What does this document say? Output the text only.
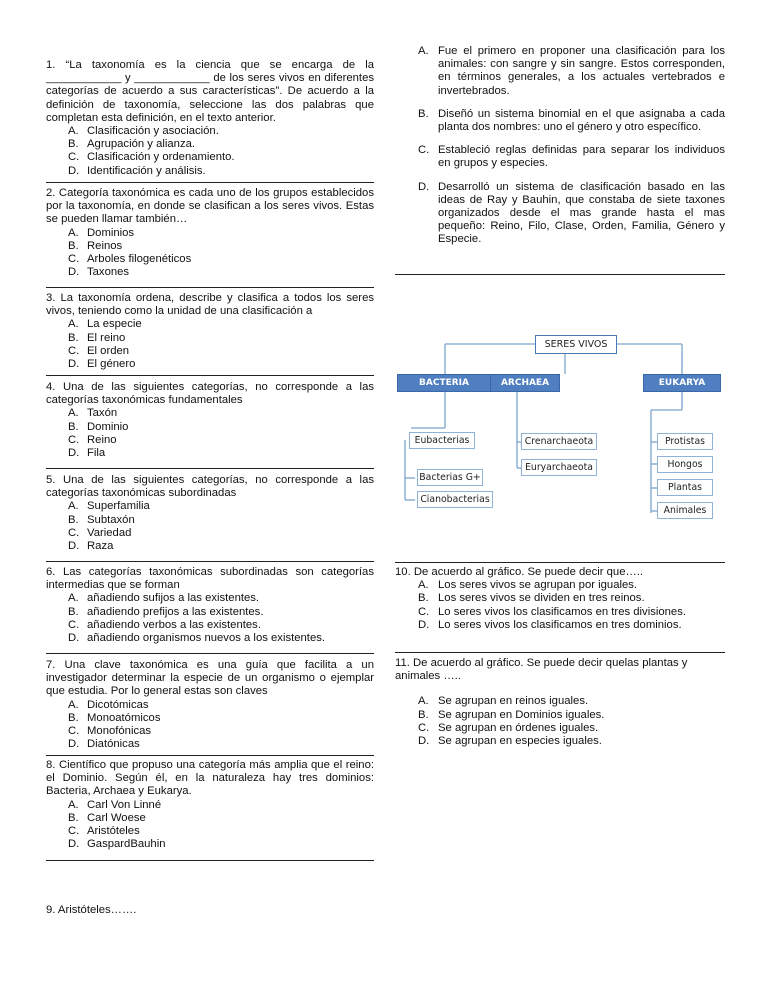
1. “La taxonomía es la ciencia que se encarga de la ____________ y ____________ de los seres vivos en diferentes categorías de acuerdo a sus características”. De acuerdo a la definición de taxonomía, seleccione las dos palabras que completan esta definición, en el texto anterior.
A. Clasificación y asociación.
B. Agrupación y alianza.
C. Clasificación y ordenamiento.
D. Identificación y análisis.
2. Categoría taxonómica es cada uno de los grupos establecidos por la taxonomía, en donde se clasifican a los seres vivos. Estas se pueden llamar también…
A. Dominios
B. Reinos
C. Arboles filogenéticos
D. Taxones
3. La taxonomía ordena, describe y clasifica a todos los seres vivos, teniendo como la unidad de una clasificación a
A. La especie
B. El reino
C. El orden
D. El género
4. Una de las siguientes categorías, no corresponde a las categorías taxonómicas fundamentales
A. Taxón
B. Dominio
C. Reino
D. Fila
5. Una de las siguientes categorías, no corresponde a las categorías taxonómicas subordinadas
A. Superfamilia
B. Subtaxón
C. Variedad
D. Raza
6. Las categorías taxonómicas subordinadas son categorías intermedias que se forman
A. añadiendo sufijos a las existentes.
B. añadiendo prefijos a las existentes.
C. añadiendo verbos a las existentes.
D. añadiendo organismos nuevos a los existentes.
7. Una clave taxonómica es una guía que facilita a un investigador determinar la especie de un organismo o ejemplar que estudia. Por lo general estas son claves
A. Dicotómicas
B. Monoatómicos
C. Monofónicas
D. Diatónicas
8. Científico que propuso una categoría más amplia que el reino: el Dominio. Según él, en la naturaleza hay tres dominios: Bacteria, Archaea y Eukarya.
A. Carl Von Linné
B. Carl Woese
C. Aristóteles
D. GaspardBauhin
9. Aristóteles…….
A. Fue el primero en proponer una clasificación para los animales: con sangre y sin sangre. Estos corresponden, en términos generales, a los actuales vertebrados e invertebrados.
B. Diseñó un sistema binomial en el que asignaba a cada planta dos nombres: uno el género y otro específico.
C. Estableció reglas definidas para separar los individuos en grupos y especies.
D. Desarrolló un sistema de clasificación basado en las ideas de Ray y Bauhin, que constaba de siete taxones organizados desde el mas grande hasta el mas pequeño: Reino, Filo, Clase, Orden, Familia, Género y Especie.
10. De acuerdo al gráfico. Se puede decir que…..
A. Los seres vivos se agrupan por iguales.
B. Los seres vivos se dividen en tres reinos.
C. Lo seres vivos los clasificamos en tres divisiones.
D. Lo seres vivos los clasificamos en tres dominios.
11. De acuerdo al gráfico. Se puede decir quelas plantas y animales …..
A. Se agrupan en reinos iguales.
B. Se agrupan en Dominios iguales.
C. Se agrupan en órdenes iguales.
D. Se agrupan en especies iguales.
SERES VIVOS
BACTERIA	ARCHAEA	EUKARYA
Eubacterias
Bacterias G+
Cianobacterias
Crenarchaeota
Euryarchaeota
Protistas
Hongos
Plantas
Animales
